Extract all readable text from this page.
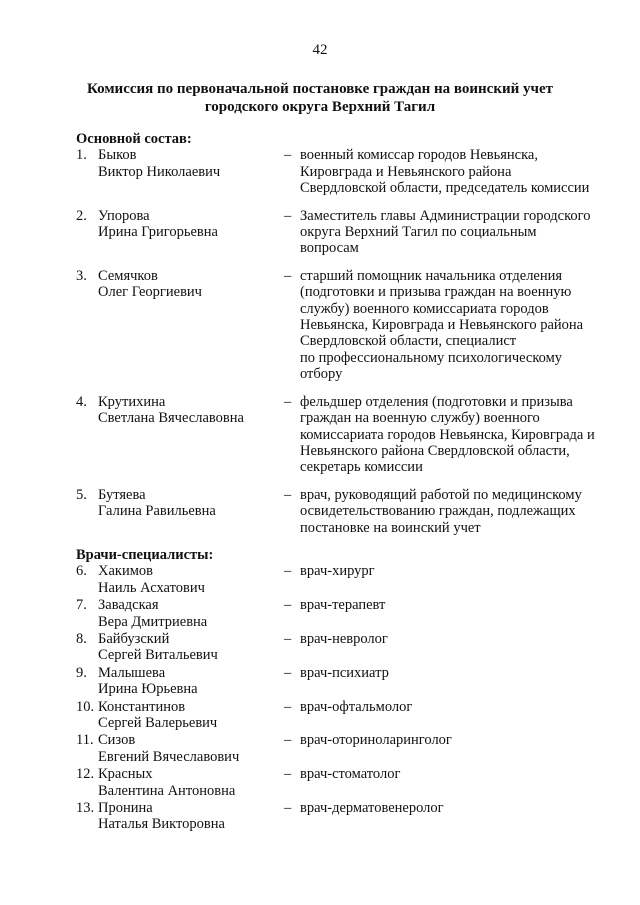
42
Комиссия по первоначальной постановке граждан на воинский учет
городского округа Верхний Тагил
Основной состав:
1. Быков
Виктор Николаевич
– военный комиссар городов Невьянска,
Кировграда и Невьянского района
Свердловской области, председатель комиссии
2. Упорова
Ирина Григорьевна
– Заместитель главы Администрации городского
округа Верхний Тагил по социальным
вопросам
3. Семячков
Олег Георгиевич
– старший помощник начальника отделения
(подготовки и призыва граждан на военную
службу) военного комиссариата городов
Невьянска, Кировграда и Невьянского района
Свердловской области, специалист
по профессиональному психологическому
отбору
4. Крутихина
Светлана Вячеславовна
– фельдшер отделения (подготовки и призыва
граждан на военную службу) военного
комиссариата городов Невьянска, Кировграда и
Невьянского района Свердловской области,
секретарь комиссии
5. Бутяева
Галина Равильевна
– врач, руководящий работой по медицинскому
освидетельствованию граждан, подлежащих
постановке на воинский учет
Врачи-специалисты:
6. Хакимов
Наиль Асхатович
– врач-хирург
7. Завадская
Вера Дмитриевна
– врач-терапевт
8. Байбузский
Сергей Витальевич
– врач-невролог
9. Малышева
Ирина Юрьевна
– врач-психиатр
10. Константинов
Сергей Валерьевич
– врач-офтальмолог
11. Сизов
Евгений Вячеславович
– врач-оториноларинголог
12. Красных
Валентина Антоновна
– врач-стоматолог
13. Пронина
Наталья Викторовна
– врач-дерматовенеролог
